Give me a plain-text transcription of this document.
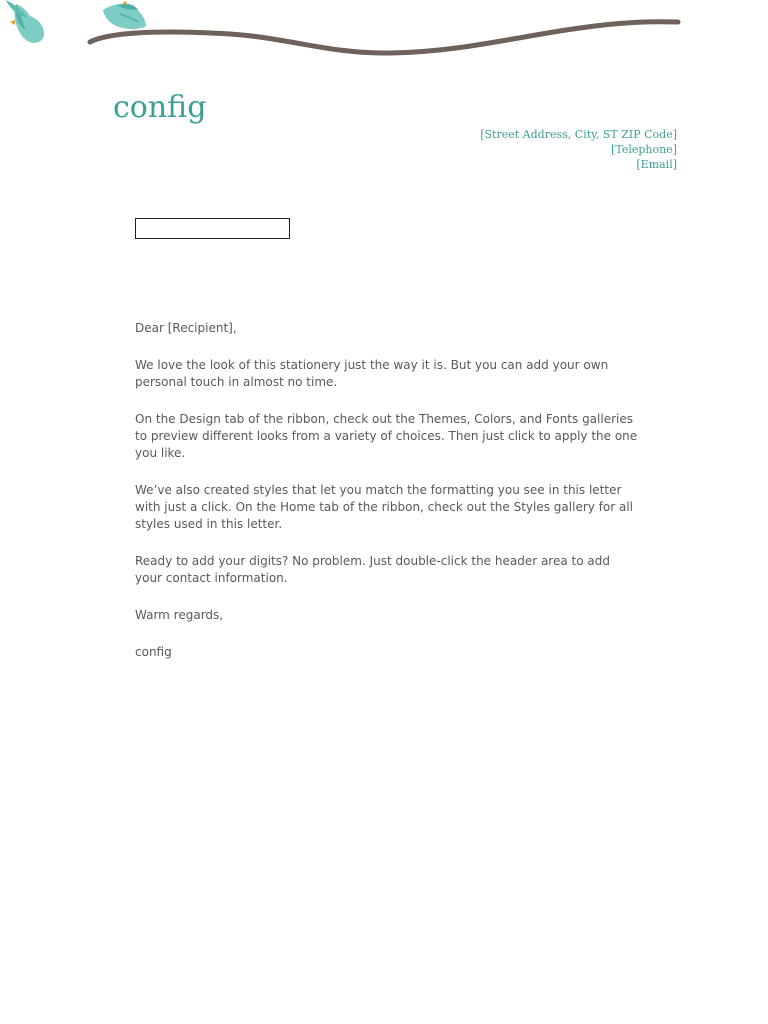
config
[Street Address, City, ST ZIP Code]
[Telephone]
[Email]

Dear [Recipient],

We love the look of this stationery just the way it is. But you can add your own personal touch in almost no time.

On the Design tab of the ribbon, check out the Themes, Colors, and Fonts galleries to preview different looks from a variety of choices. Then just click to apply the one you like.

We’ve also created styles that let you match the formatting you see in this letter with just a click. On the Home tab of the ribbon, check out the Styles gallery for all styles used in this letter.

Ready to add your digits? No problem. Just double-click the header area to add your contact information.

Warm regards,

config
